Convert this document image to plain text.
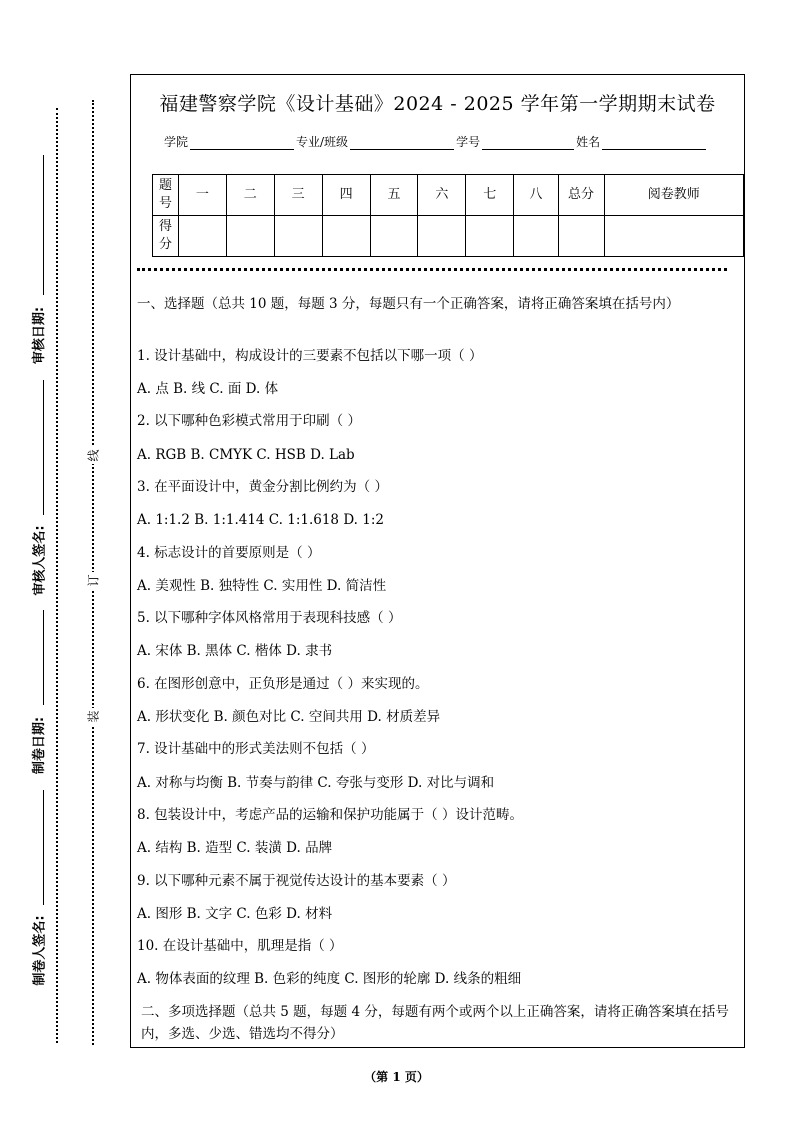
审核日期:
审核人签名:
制卷日期:
制卷人签名:
线
订
装
福建警察学院《设计基础》2024 - 2025 学年第一学期期末试卷
学院	专业/班级	学号	姓名
题号	一	二	三	四	五	六	七	八	总分	阅卷教师
得分										
一、选择题（总共 10 题，每题 3 分，每题只有一个正确答案，请将正确答案填在括号内）
1. 设计基础中，构成设计的三要素不包括以下哪一项（ ）
A. 点 B. 线 C. 面 D. 体
2. 以下哪种色彩模式常用于印刷（ ）
A. RGB B. CMYK C. HSB D. Lab
3. 在平面设计中，黄金分割比例约为（ ）
A. 1:1.2 B. 1:1.414 C. 1:1.618 D. 1:2
4. 标志设计的首要原则是（ ）
A. 美观性 B. 独特性 C. 实用性 D. 简洁性
5. 以下哪种字体风格常用于表现科技感（ ）
A. 宋体 B. 黑体 C. 楷体 D. 隶书
6. 在图形创意中，正负形是通过（ ）来实现的。
A. 形状变化 B. 颜色对比 C. 空间共用 D. 材质差异
7. 设计基础中的形式美法则不包括（ ）
A. 对称与均衡 B. 节奏与韵律 C. 夸张与变形 D. 对比与调和
8. 包装设计中，考虑产品的运输和保护功能属于（ ）设计范畴。
A. 结构 B. 造型 C. 装潢 D. 品牌
9. 以下哪种元素不属于视觉传达设计的基本要素（ ）
A. 图形 B. 文字 C. 色彩 D. 材料
10. 在设计基础中，肌理是指（ ）
A. 物体表面的纹理 B. 色彩的纯度 C. 图形的轮廓 D. 线条的粗细
二、多项选择题（总共 5 题，每题 4 分，每题有两个或两个以上正确答案，请将正确答案填在括号内，多选、少选、错选均不得分）
（第 1 页）
